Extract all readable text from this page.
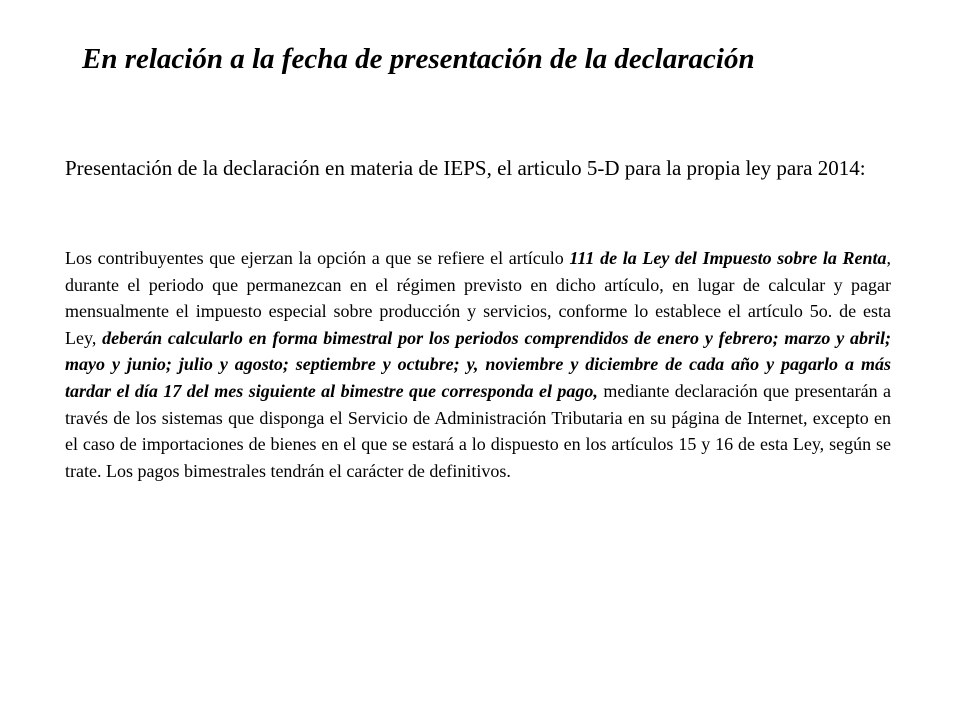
En relación a la fecha de presentación de la declaración

Presentación de la declaración en materia de IEPS, el articulo 5-D para la propia ley para 2014:

Los contribuyentes que ejerzan la opción a que se refiere el artículo 111 de la Ley del Impuesto sobre la Renta, durante el periodo que permanezcan en el régimen previsto en dicho artículo, en lugar de calcular y pagar mensualmente el impuesto especial sobre producción y servicios, conforme lo establece el artículo 5o. de esta Ley, deberán calcularlo en forma bimestral por los periodos comprendidos de enero y febrero; marzo y abril; mayo y junio; julio y agosto; septiembre y octubre; y, noviembre y diciembre de cada año y pagarlo a más tardar el día 17 del mes siguiente al bimestre que corresponda el pago, mediante declaración que presentarán a través de los sistemas que disponga el Servicio de Administración Tributaria en su página de Internet, excepto en el caso de importaciones de bienes en el que se estará a lo dispuesto en los artículos 15 y 16 de esta Ley, según se trate. Los pagos bimestrales tendrán el carácter de definitivos.
